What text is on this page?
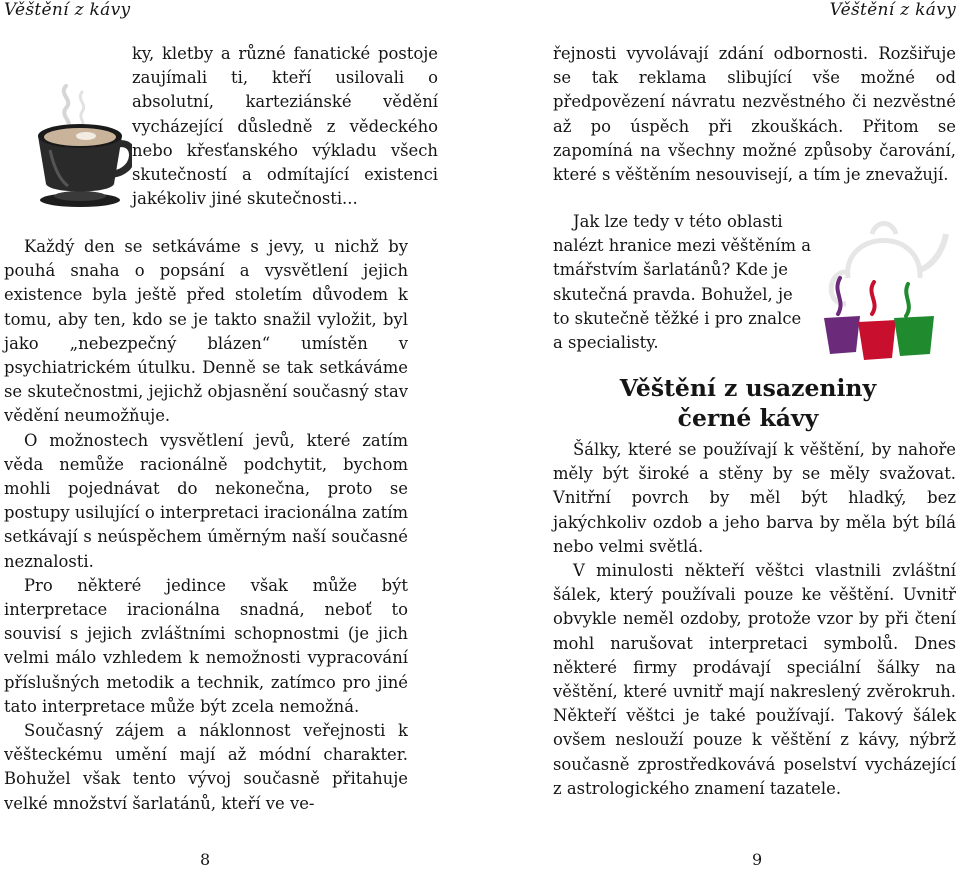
Věštění z kávy

ky, kletby a různé fanatické postoje zaujímali ti, kteří usilovali o absolutní, karteziánské vědění vycházející důsledně z vědeckého nebo křesťanského výkladu všech skutečností a odmítající existenci jakékoliv jiné skutečnosti...

Každý den se setkáváme s jevy, u nichž by pouhá snaha o popsání a vysvětlení jejich existence byla ještě před stoletím důvodem k tomu, aby ten, kdo se je takto snažil vyložit, byl jako „nebezpečný blázen“ umístěn v psychiatrickém útulku. Denně se tak setkáváme se skutečnostmi, jejichž objasnění současný stav vědění neumožňuje.

O možnostech vysvětlení jevů, které zatím věda nemůže racionálně podchytit, bychom mohli pojednávat do nekonečna, proto se postupy usilující o interpretaci iracionálna zatím setkávají s neúspěchem úměrným naší současné neznalosti.

Pro některé jedince však může být interpretace iracionálna snadná, neboť to souvisí s jejich zvláštními schopnostmi (je jich velmi málo vzhledem k nemožnosti vypracování příslušných metodik a technik, zatímco pro jiné tato interpretace může být zcela nemožná.

Současný zájem a náklonnost veřejnosti k věšteckému umění mají až módní charakter. Bohužel však tento vývoj současně přitahuje velké množství šarlatánů, kteří ve ve-

8
Věštění z kávy

řejnosti vyvolávají zdání odbornosti. Rozšiřuje se tak reklama slibující vše možné od předpovězení návratu nezvěstného či nezvěstné až po úspěch při zkouškách. Přitom se zapomíná na všechny možné způsoby čarování, které s věštěním nesouvisejí, a tím je znevažují.

Jak lze tedy v této oblasti nalézt hranice mezi věštěním a tmářstvím šarlatánů? Kde je skutečná pravda. Bohužel, je to skutečně těžké i pro znalce a specialisty.

Věštění z usazeniny černé kávy

Šálky, které se používají k věštění, by nahoře měly být široké a stěny by se měly svažovat. Vnitřní povrch by měl být hladký, bez jakýchkoliv ozdob a jeho barva by měla být bílá nebo velmi světlá.

V minulosti někteří věštci vlastnili zvláštní šálek, který používali pouze ke věštění. Uvnitř obvykle neměl ozdoby, protože vzor by při čtení mohl narušovat interpretaci symbolů. Dnes některé firmy prodávají speciální šálky na věštění, které uvnitř mají nakreslený zvěrokruh. Někteří věštci je také používají. Takový šálek ovšem neslouží pouze k věštění z kávy, nýbrž současně zprostředkovává poselství vycházející z astrologického znamení tazatele.

9
